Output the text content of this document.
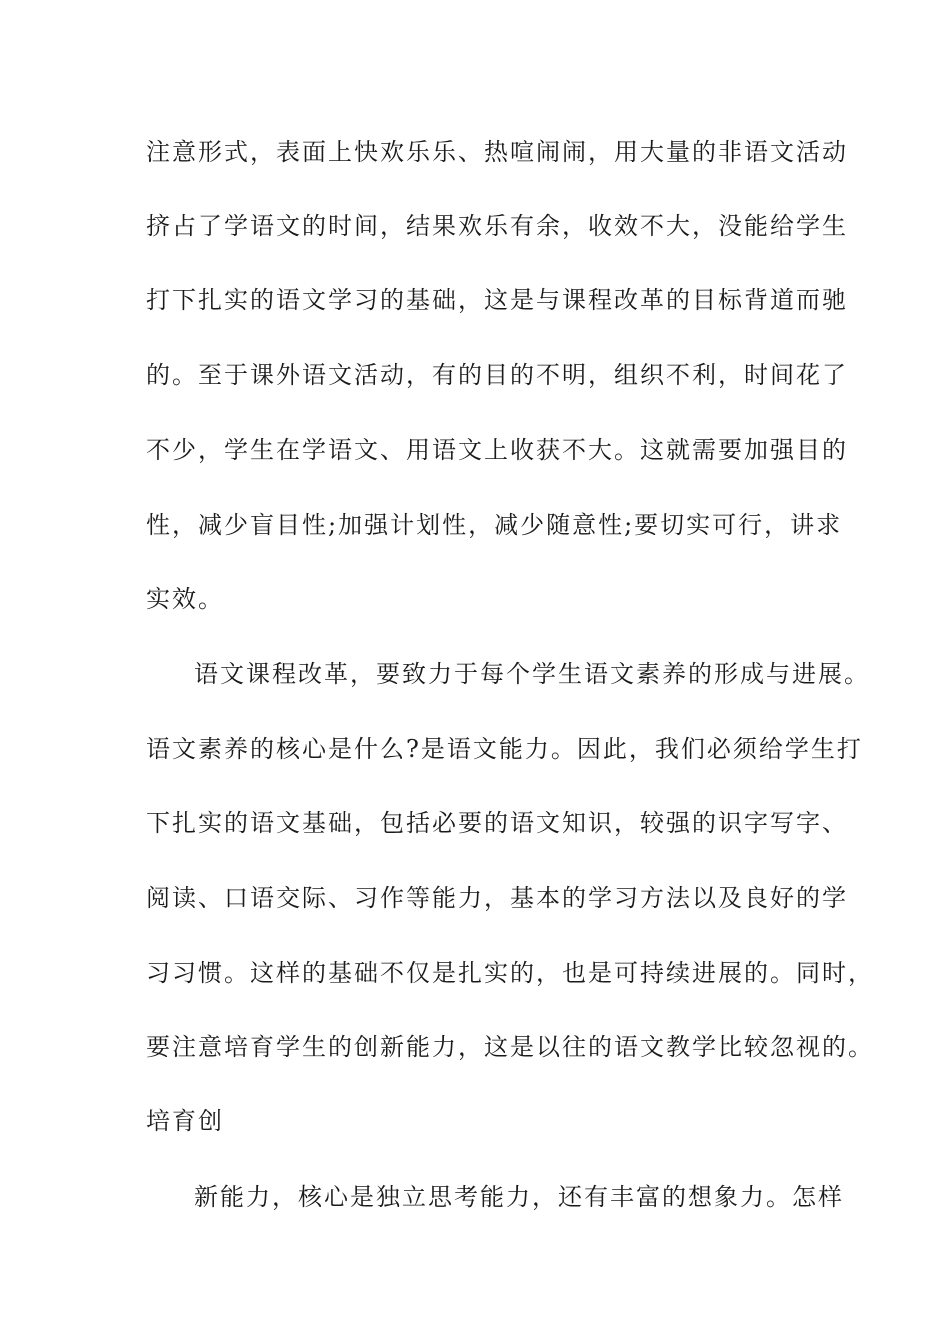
注意形式，表面上快欢乐乐、热喧闹闹，用大量的非语文活动
挤占了学语文的时间，结果欢乐有余，收效不大，没能给学生
打下扎实的语文学习的基础，这是与课程改革的目标背道而驰
的。至于课外语文活动，有的目的不明，组织不利，时间花了
不少，学生在学语文、用语文上收获不大。这就需要加强目的
性，减少盲目性;加强计划性，减少随意性;要切实可行，讲求
实效。
语文课程改革，要致力于每个学生语文素养的形成与进展。
语文素养的核心是什么?是语文能力。因此，我们必须给学生打
下扎实的语文基础，包括必要的语文知识，较强的识字写字、
阅读、口语交际、习作等能力，基本的学习方法以及良好的学
习习惯。这样的基础不仅是扎实的，也是可持续进展的。同时，
要注意培育学生的创新能力，这是以往的语文教学比较忽视的。
培育创
新能力，核心是独立思考能力，还有丰富的想象力。怎样
